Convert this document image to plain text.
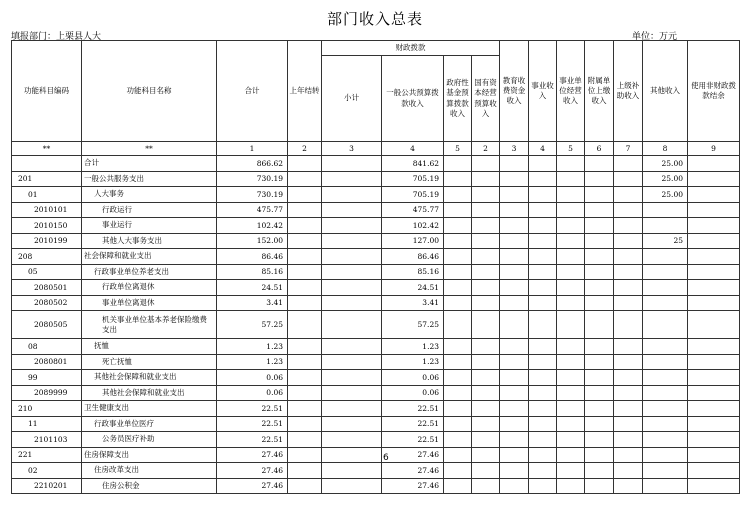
部门收入总表
填报部门：上栗县人大	单位：万元
功能科目编码	功能科目名称	合计	上年结转	财政拨款				教育收费资金收入	事业收入	事业单位经营收入	附属单位上缴收入	上级补助收入	其他收入	使用非财政拨款结余
				小计	一般公共预算拨款收入	政府性基金预算拨款收入	国有资本经营预算收入							
**	**	1	2	3	4	5	2	3	4	5	6	7	8	9
	合计	866.62			841.62								25.00	
201	一般公共服务支出	730.19			705.19								25.00	
01	人大事务	730.19			705.19								25.00	
2010101	行政运行	475.77			475.77									
2010150	事业运行	102.42			102.42									
2010199	其他人大事务支出	152.00			127.00								25	
208	社会保障和就业支出	86.46			86.46									
05	行政事业单位养老支出	85.16			85.16									
2080501	行政单位离退休	24.51			24.51									
2080502	事业单位离退休	3.41			3.41									
2080505	机关事业单位基本养老保险缴费支出	57.25			57.25									
08	抚恤	1.23			1.23									
2080801	死亡抚恤	1.23			1.23									
99	其他社会保障和就业支出	0.06			0.06									
2089999	其他社会保障和就业支出	0.06			0.06									
210	卫生健康支出	22.51			22.51									
11	行政事业单位医疗	22.51			22.51									
2101103	公务员医疗补助	22.51			22.51									
221	住房保障支出	27.46			27.46									
02	住房改革支出	27.46			27.46									
2210201	住房公积金	27.46			27.46									
6
